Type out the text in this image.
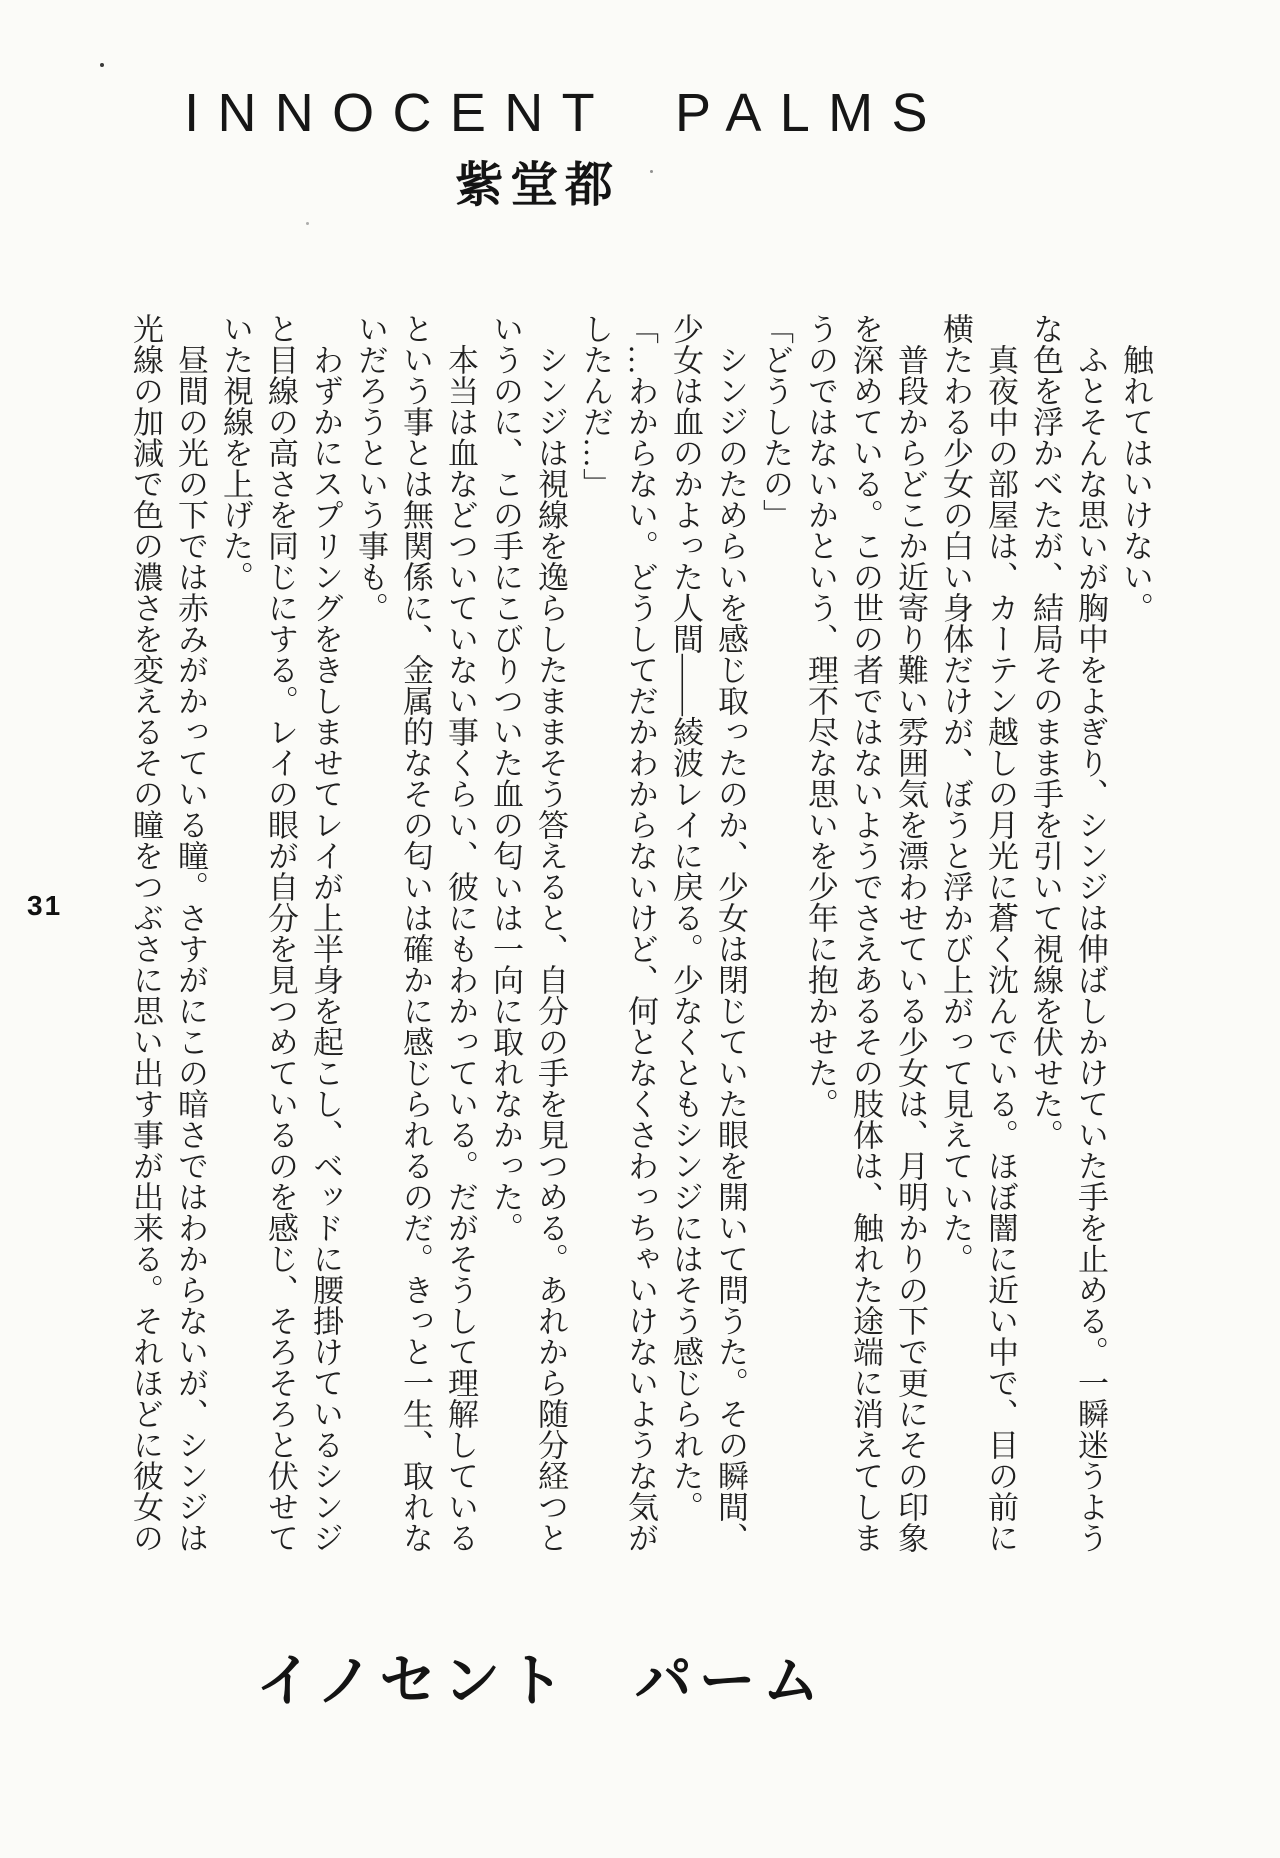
INNOCENT PALMS
紫堂都
触れてはいけない。
ふとそんな思いが胸中をよぎり、シンジは伸ばしかけていた手を止める。一瞬迷うよう
な色を浮かべたが、結局そのまま手を引いて視線を伏せた。
真夜中の部屋は、カーテン越しの月光に蒼く沈んでいる。ほぼ闇に近い中で、目の前に
横たわる少女の白い身体だけが、ぼうと浮かび上がって見えていた。
普段からどこか近寄り難い雰囲気を漂わせている少女は、月明かりの下で更にその印象
を深めている。この世の者ではないようでさえあるその肢体は、触れた途端に消えてしま
うのではないかという、理不尽な思いを少年に抱かせた。
「どうしたの」
シンジのためらいを感じ取ったのか、少女は閉じていた眼を開いて問うた。その瞬間、
少女は血のかよった人間――綾波レイに戻る。少なくともシンジにはそう感じられた。
「…わからない。どうしてだかわからないけど、何となくさわっちゃいけないような気が
したんだ…」
シンジは視線を逸らしたままそう答えると、自分の手を見つめる。あれから随分経つと
いうのに、この手にこびりついた血の匂いは一向に取れなかった。
本当は血などついていない事くらい、彼にもわかっている。だがそうして理解している
という事とは無関係に、金属的なその匂いは確かに感じられるのだ。きっと一生、取れな
いだろうという事も。
わずかにスプリングをきしませてレイが上半身を起こし、ベッドに腰掛けているシンジ
と目線の高さを同じにする。レイの眼が自分を見つめているのを感じ、そろそろと伏せて
いた視線を上げた。
昼間の光の下では赤みがかっている瞳。さすがにこの暗さではわからないが、シンジは
光線の加減で色の濃さを変えるその瞳をつぶさに思い出す事が出来る。それほどに彼女の
31
イノセント　パーム
